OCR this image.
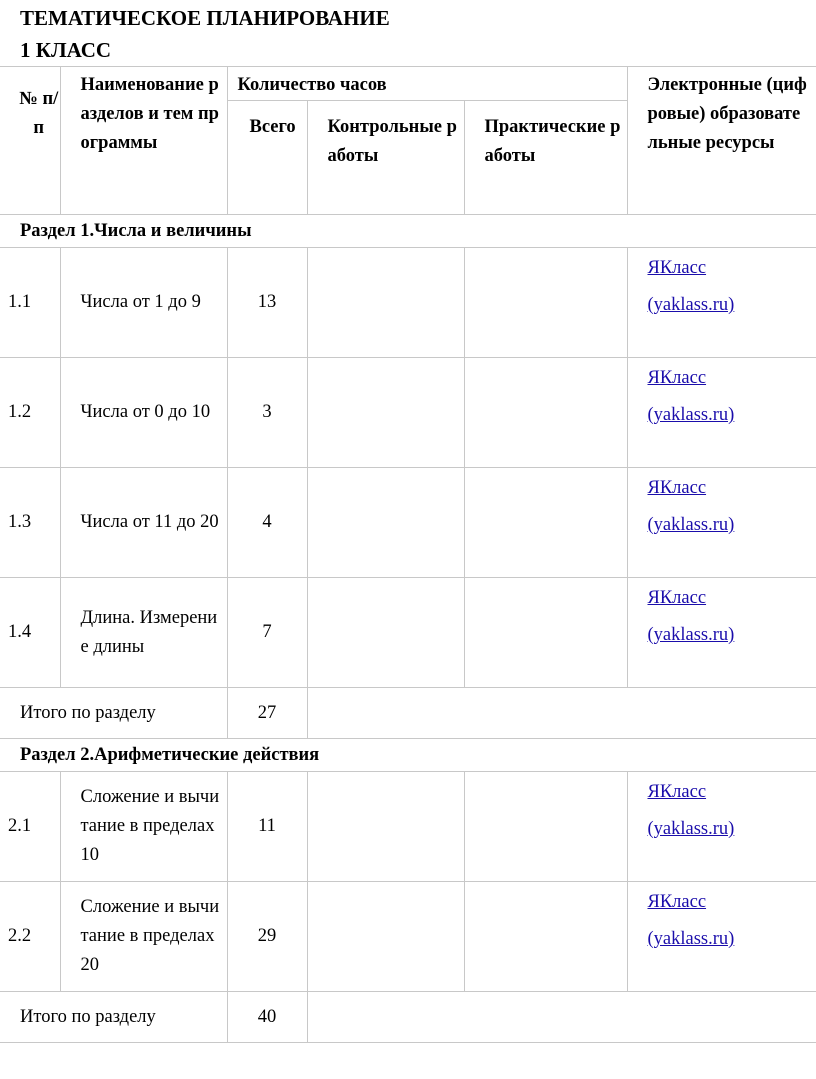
ТЕМАТИЧЕСКОЕ ПЛАНИРОВАНИЕ
1 КЛАСС
№ п/п	Наименование разделов и тем программы	Количество часов			Электронные (цифровые) образовательные ресурсы
		Всего	Контрольные работы	Практические работы	
Раздел 1.Числа и величины					
1.1	Числа от 1 до 9	13			ЯКласс
(yaklass.ru)

1.2	Числа от 0 до 10	3			ЯКласс
(yaklass.ru)

1.3	Числа от 11 до 20	4			ЯКласс
(yaklass.ru)

1.4	Длина. Измерение длины	7			ЯКласс
(yaklass.ru)

Итого по разделу		27			
Раздел 2.Арифметические действия					
2.1	Сложение и вычитание в пределах 10	11			ЯКласс
(yaklass.ru)

2.2	Сложение и вычитание в пределах 20	29			ЯКласс
(yaklass.ru)

Итого по разделу		40			
